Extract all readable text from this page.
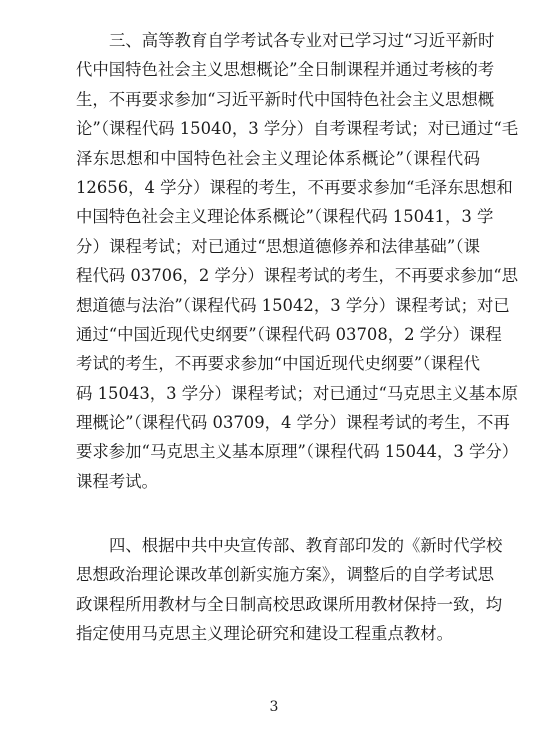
三、高等教育自学考试各专业对已学习过“习近平新时
代中国特色社会主义思想概论”全日制课程并通过考核的考
生，不再要求参加“习近平新时代中国特色社会主义思想概
论”（课程代码 15040，3 学分）自考课程考试；对已通过“毛
泽东思想和中国特色社会主义理论体系概论”（课程代码
12656，4 学分）课程的考生，不再要求参加“毛泽东思想和
中国特色社会主义理论体系概论”（课程代码 15041，3 学
分）课程考试；对已通过“思想道德修养和法律基础”（课
程代码 03706，2 学分）课程考试的考生，不再要求参加“思
想道德与法治”（课程代码 15042，3 学分）课程考试；对已
通过“中国近现代史纲要”（课程代码 03708，2 学分）课程
考试的考生，不再要求参加“中国近现代史纲要”（课程代
码 15043，3 学分）课程考试；对已通过“马克思主义基本原
理概论”（课程代码 03709，4 学分）课程考试的考生，不再
要求参加“马克思主义基本原理”（课程代码 15044，3 学分）
课程考试。
四、根据中共中央宣传部、教育部印发的《新时代学校
思想政治理论课改革创新实施方案》，调整后的自学考试思
政课程所用教材与全日制高校思政课所用教材保持一致，均
指定使用马克思主义理论研究和建设工程重点教材。
3
